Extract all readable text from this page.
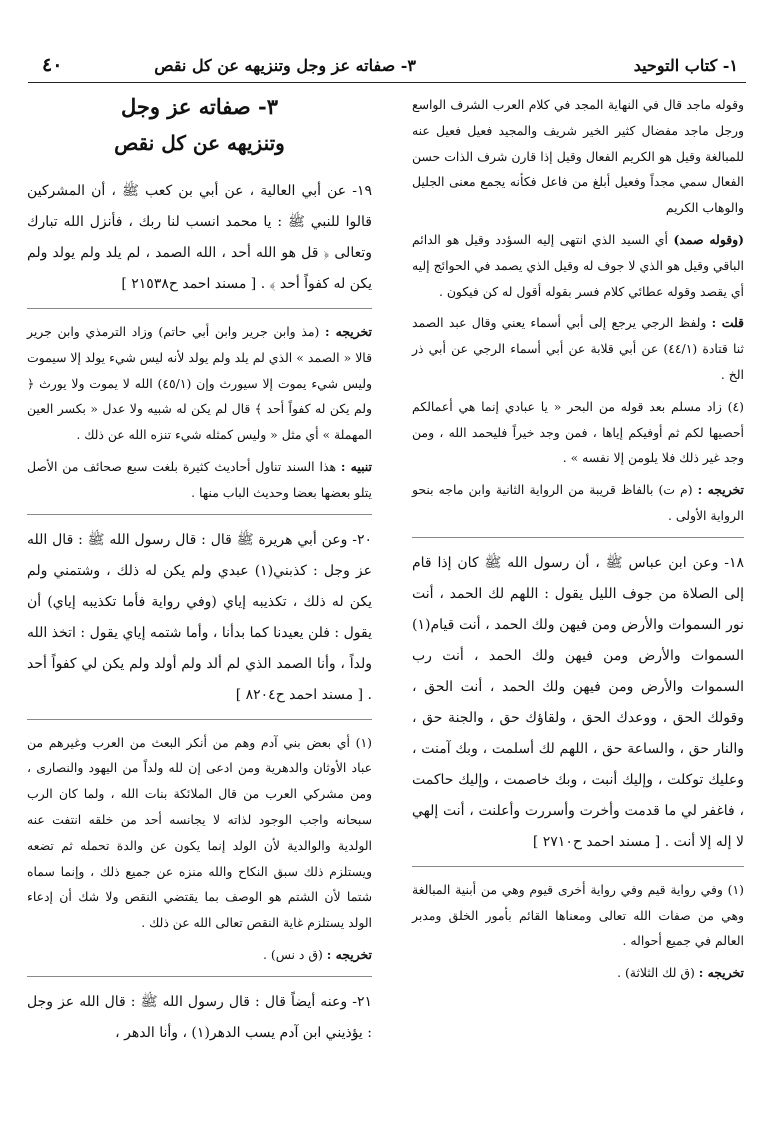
١- كتاب التوحيد
٣- صفاته عز وجل وتنزيهه عن كل نقص
٤٠

وقوله ماجد قال في النهاية المجد في كلام العرب الشرف الواسع ورجل ماجد مفضال كثير الخير شريف والمجيد فعيل فعيل عنه للمبالغة وقيل هو الكريم الفعال وقيل إذا قارن شرف الذات حسن الفعال سمي مجداً وفعيل أبلغ من فاعل فكأنه يجمع معنى الجليل والوهاب الكريم

(وقوله صمد) أي السيد الذي انتهى إليه السؤدد وقيل هو الدائم الباقي وقيل هو الذي لا جوف له وقيل الذي يصمد في الحوائج إليه أي يقصد وقوله عطائي كلام فسر بقوله أقول له كن فيكون .

قلت : ولفظ الرجي يرجع إلى أبي أسماء يعني وقال عبد الصمد ثنا قتادة (٤٤/١) عن أبي قلابة عن أبي أسماء الرجي عن أبي ذر الخ .

(٤) زاد مسلم بعد قوله من البحر « يا عبادي إنما هي أعمالكم أحصيها لكم ثم أوفيكم إياها ، فمن وجد خيراً فليحمد الله ، ومن وجد غير ذلك فلا يلومن إلا نفسه » .

تخريجه : (م ت) بالفاظ قريبة من الرواية الثانية وابن ماجه بنحو الرواية الأولى .

١٨- وعن ابن عباس ﷺ ، أن رسول الله ﷺ كان إذا قام إلى الصلاة من جوف الليل يقول : اللهم لك الحمد ، أنت نور السموات والأرض ومن فيهن ولك الحمد ، أنت قيام(١) السموات والأرض ومن فيهن ولك الحمد ، أنت رب السموات والأرض ومن فيهن ولك الحمد ، أنت الحق ، وقولك الحق ، ووعدك الحق ، ولقاؤك حق ، والجنة حق ، والنار حق ، والساعة حق ، اللهم لك أسلمت ، وبك آمنت ، وعليك توكلت ، وإليك أنبت ، وبك خاصمت ، وإليك حاكمت ، فاغفر لي ما قدمت وأخرت وأسررت وأعلنت ، أنت إلهي لا إله إلا أنت . [ مسند احمد ح٢٧١٠ ]

(١) وفي رواية قيم وفي رواية أخرى قيوم وهي من أبنية المبالغة وهي من صفات الله تعالى ومعناها القائم بأمور الخلق ومدبر العالم في جميع أحواله .

تخريجه : (ق لك الثلاثة) .

٣- صفاته عز وجل
وتنزيهه عن كل نقص

١٩- عن أبي العالية ، عن أبي بن كعب ﷺ ، أن المشركين قالوا للنبي ﷺ : يا محمد انسب لنا ربك ، فأنزل الله تبارك وتعالى ﴿ قل هو الله أحد ، الله الصمد ، لم يلد ولم يولد ولم يكن له كفواً أحد ﴾ . [ مسند احمد ح٢١٥٣٨ ]

تخريجه : (مذ وابن جرير وابن أبي حاتم) وزاد الترمذي وابن جرير قالا « الصمد » الذي لم يلد ولم يولد لأنه ليس شيء يولد إلا سيموت وليس شيء يموت إلا سيورث وإن (٤٥/١) الله لا يموت ولا يورث ﴿ ولم يكن له كفواً أحد ﴾ قال لم يكن له شبيه ولا عدل « بكسر العين المهملة » أي مثل « وليس كمثله شيء تنزه الله عن ذلك .

تنبيه : هذا السند تناول أحاديث كثيرة بلغت سبع صحائف من الأصل يتلو بعضها بعضا وحديث الباب منها .

٢٠- وعن أبي هريرة ﷺ قال : قال رسول الله ﷺ : قال الله عز وجل : كذبني(١) عبدي ولم يكن له ذلك ، وشتمني ولم يكن له ذلك ، تكذيبه إياي (وفي رواية فأما تكذيبه إياي) أن يقول : فلن يعيدنا كما بدأنا ، وأما شتمه إياي يقول : اتخذ الله ولداً ، وأنا الصمد الذي لم ألد ولم أولد ولم يكن لي كفواً أحد . [ مسند احمد ح٨٢٠٤ ]

(١) أي بعض بني آدم وهم من أنكر البعث من العرب وغيرهم من عباد الأوثان والدهرية ومن ادعى إن لله ولداً من اليهود والنصارى ، ومن مشركي العرب من قال الملائكة بنات الله ، ولما كان الرب سبحانه واجب الوجود لذاته لا يجانسه أحد من خلقه انتفت عنه الولدية والوالدية لأن الولد إنما يكون عن والدة تحمله ثم تضعه ويستلزم ذلك سبق النكاح والله منزه عن جميع ذلك ، وإنما سماه شتما لأن الشتم هو الوصف بما يقتضي النقص ولا شك أن إدعاء الولد يستلزم غاية النقص تعالى الله عن ذلك .

تخريجه : (ق د نس) .

٢١- وعنه أيضاً قال : قال رسول الله ﷺ : قال الله عز وجل : يؤذيني ابن آدم يسب الدهر(١) ، وأنا الدهر ،
